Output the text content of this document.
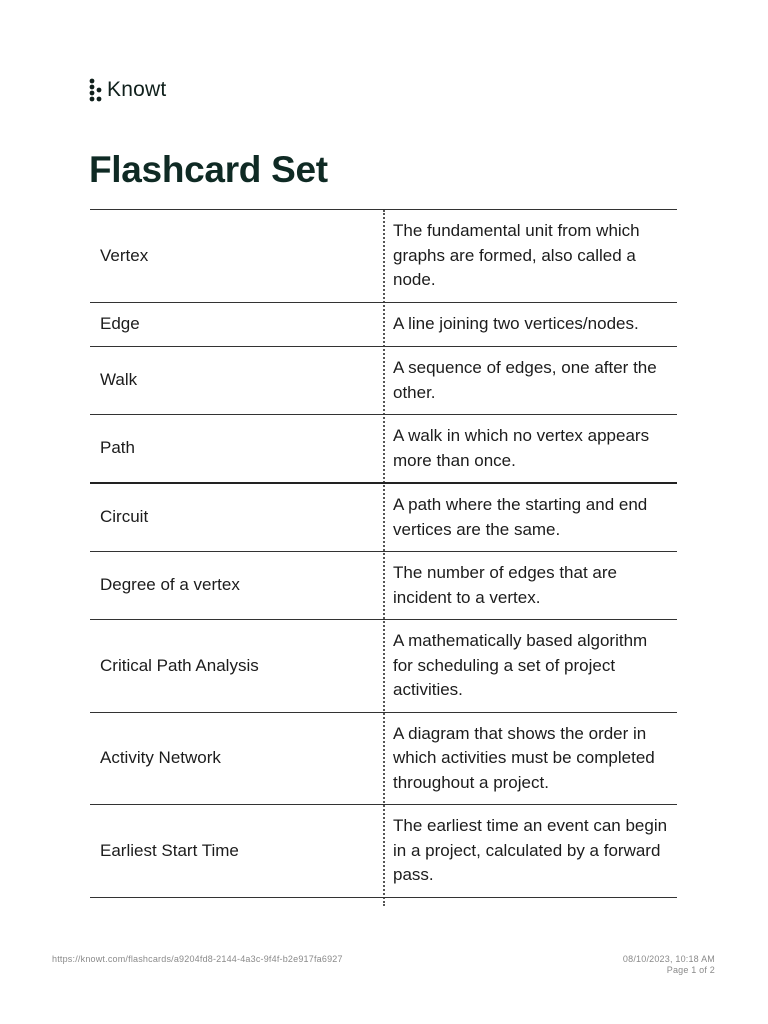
Knowt
Flashcard Set
Vertex	The fundamental unit from which graphs are formed, also called a node.
Edge	A line joining two vertices/nodes.
Walk	A sequence of edges, one after the other.
Path	A walk in which no vertex appears more than once.
Circuit	A path where the starting and end vertices are the same.
Degree of a vertex	The number of edges that are incident to a vertex.
Critical Path Analysis	A mathematically based algorithm for scheduling a set of project activities.
Activity Network	A diagram that shows the order in which activities must be completed throughout a project.
Earliest Start Time	The earliest time an event can begin in a project, calculated by a forward pass.
https://knowt.com/flashcards/a9204fd8-2144-4a3c-9f4f-b2e917fa6927	08/10/2023, 10:18 AM
Page 1 of 2
